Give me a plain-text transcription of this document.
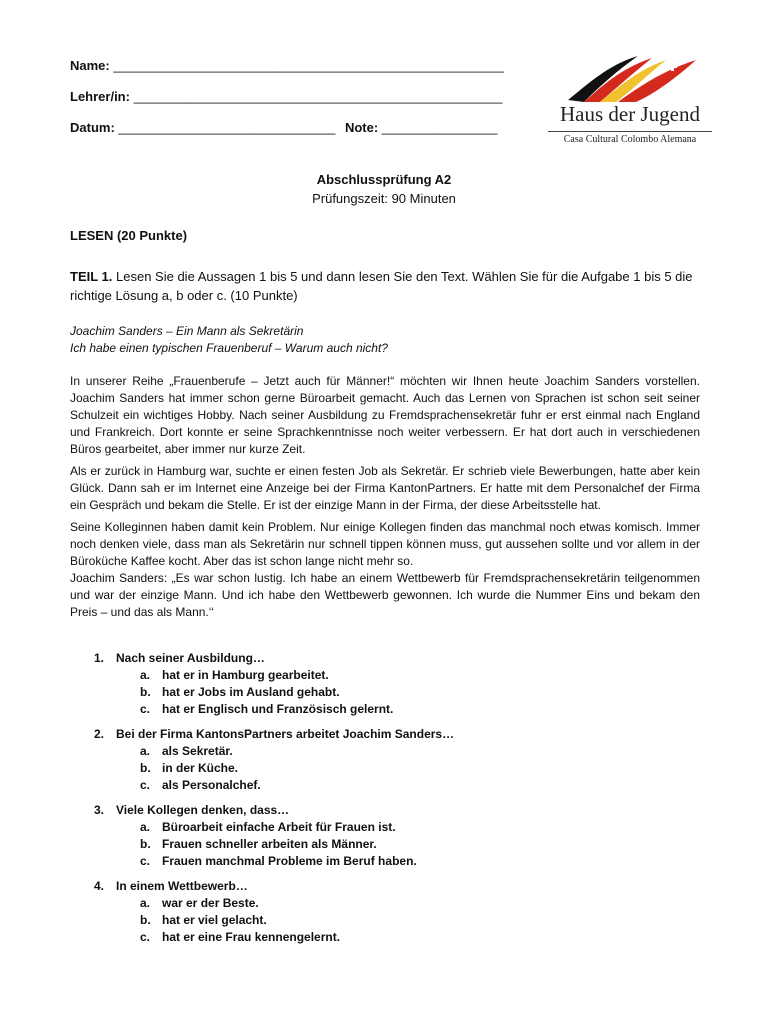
Name: ______________________________________________________
Lehrer/in: ___________________________________________________
Datum: ______________________________ Note: ________________
Haus der Jugend
Casa Cultural Colombo Alemana
Abschlussprüfung A2
Prüfungszeit: 90 Minuten
LESEN (20 Punkte)
TEIL 1. Lesen Sie die Aussagen 1 bis 5 und dann lesen Sie den Text. Wählen Sie für die Aufgabe 1 bis 5 die richtige Lösung a, b oder c. (10 Punkte)
Joachim Sanders – Ein Mann als Sekretärin
Ich habe einen typischen Frauenberuf – Warum auch nicht?

In unserer Reihe „Frauenberufe – Jetzt auch für Männer!“ möchten wir Ihnen heute Joachim Sanders vorstellen. Joachim Sanders hat immer schon gerne Büroarbeit gemacht. Auch das Lernen von Sprachen ist schon seit seiner Schulzeit ein wichtiges Hobby. Nach seiner Ausbildung zu Fremdsprachensekretär fuhr er erst einmal nach England und Frankreich. Dort konnte er seine Sprachkenntnisse noch weiter verbessern. Er hat dort auch in verschiedenen Büros gearbeitet, aber immer nur kurze Zeit.

Als er zurück in Hamburg war, suchte er einen festen Job als Sekretär. Er schrieb viele Bewerbungen, hatte aber kein Glück. Dann sah er im Internet eine Anzeige bei der Firma KantonPartners. Er hatte mit dem Personalchef der Firma ein Gespräch und bekam die Stelle. Er ist der einzige Mann in der Firma, der diese Arbeitsstelle hat.

Seine Kolleginnen haben damit kein Problem. Nur einige Kollegen finden das manchmal noch etwas komisch. Immer noch denken viele, dass man als Sekretärin nur schnell tippen können muss, gut aussehen sollte und vor allem in der Büroküche Kaffee kocht. Aber das ist schon lange nicht mehr so.

Joachim Sanders: „Es war schon lustig. Ich habe an einem Wettbewerb für Fremdsprachensekretärin teilgenommen und war der einzige Mann. Und ich habe den Wettbewerb gewonnen. Ich wurde die Nummer Eins und bekam den Preis – und das als Mann.‘‘

1. Nach seiner Ausbildung…
a. hat er in Hamburg gearbeitet.
b. hat er Jobs im Ausland gehabt.
c. hat er Englisch und Französisch gelernt.
2. Bei der Firma KantonsPartners arbeitet Joachim Sanders…
a. als Sekretär.
b. in der Küche.
c. als Personalchef.
3. Viele Kollegen denken, dass…
a. Büroarbeit einfache Arbeit für Frauen ist.
b. Frauen schneller arbeiten als Männer.
c. Frauen manchmal Probleme im Beruf haben.
4. In einem Wettbewerb…
a. war er der Beste.
b. hat er viel gelacht.
c. hat er eine Frau kennengelernt.
